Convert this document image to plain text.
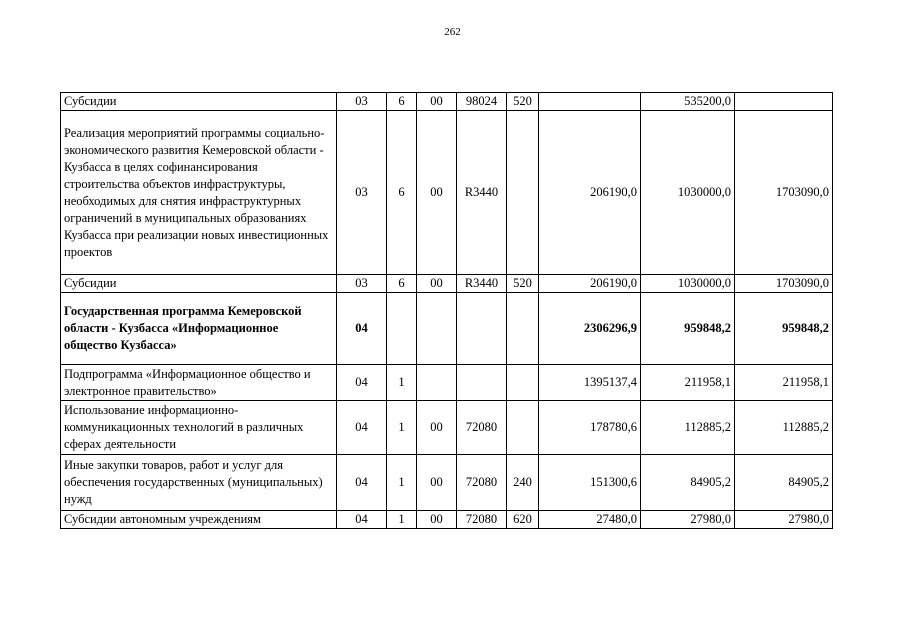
262
Субсидии	03	6	00	98024	520		535200,0	
Реализация мероприятий программы социально-экономического развития Кемеровской области - Кузбасса в целях софинансирования строительства объектов инфраструктуры, необходимых для снятия инфраструктурных ограничений в муниципальных образованиях Кузбасса при реализации новых инвестиционных проектов	03	6	00	R3440		206190,0	1030000,0	1703090,0
Субсидии	03	6	00	R3440	520	206190,0	1030000,0	1703090,0
Государственная программа Кемеровской области - Кузбасса «Информационное общество Кузбасса»	04					2306296,9	959848,2	959848,2
Подпрограмма «Информационное общество и электронное правительство»	04	1				1395137,4	211958,1	211958,1
Использование информационно-коммуникационных технологий в различных сферах деятельности	04	1	00	72080		178780,6	112885,2	112885,2
Иные закупки товаров, работ и услуг для обеспечения государственных (муниципальных) нужд	04	1	00	72080	240	151300,6	84905,2	84905,2
Субсидии автономным учреждениям	04	1	00	72080	620	27480,0	27980,0	27980,0
